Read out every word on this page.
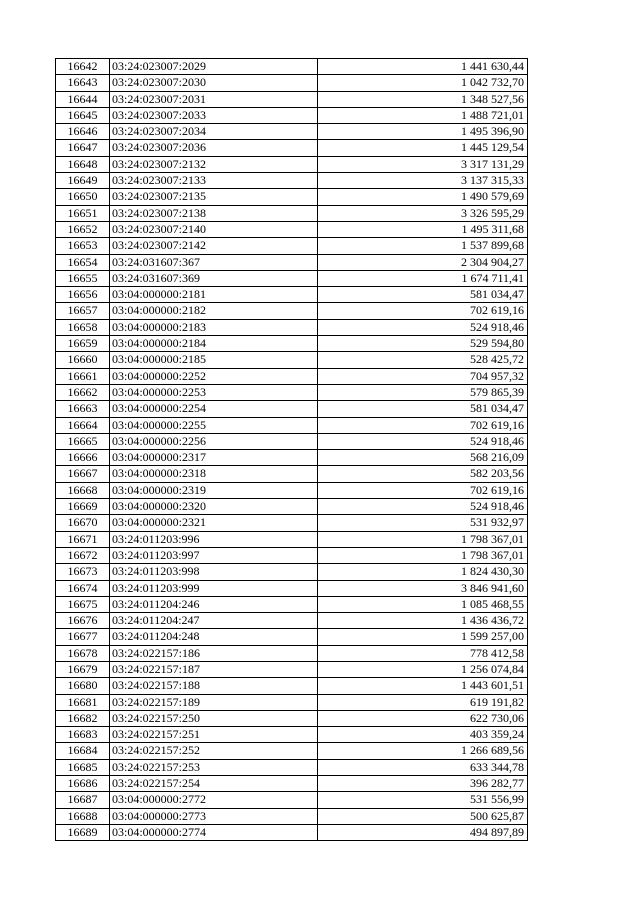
16642	03:24:023007:2029	1 441 630,44
16643	03:24:023007:2030	1 042 732,70
16644	03:24:023007:2031	1 348 527,56
16645	03:24:023007:2033	1 488 721,01
16646	03:24:023007:2034	1 495 396,90
16647	03:24:023007:2036	1 445 129,54
16648	03:24:023007:2132	3 317 131,29
16649	03:24:023007:2133	3 137 315,33
16650	03:24:023007:2135	1 490 579,69
16651	03:24:023007:2138	3 326 595,29
16652	03:24:023007:2140	1 495 311,68
16653	03:24:023007:2142	1 537 899,68
16654	03:24:031607:367	2 304 904,27
16655	03:24:031607:369	1 674 711,41
16656	03:04:000000:2181	581 034,47
16657	03:04:000000:2182	702 619,16
16658	03:04:000000:2183	524 918,46
16659	03:04:000000:2184	529 594,80
16660	03:04:000000:2185	528 425,72
16661	03:04:000000:2252	704 957,32
16662	03:04:000000:2253	579 865,39
16663	03:04:000000:2254	581 034,47
16664	03:04:000000:2255	702 619,16
16665	03:04:000000:2256	524 918,46
16666	03:04:000000:2317	568 216,09
16667	03:04:000000:2318	582 203,56
16668	03:04:000000:2319	702 619,16
16669	03:04:000000:2320	524 918,46
16670	03:04:000000:2321	531 932,97
16671	03:24:011203:996	1 798 367,01
16672	03:24:011203:997	1 798 367,01
16673	03:24:011203:998	1 824 430,30
16674	03:24:011203:999	3 846 941,60
16675	03:24:011204:246	1 085 468,55
16676	03:24:011204:247	1 436 436,72
16677	03:24:011204:248	1 599 257,00
16678	03:24:022157:186	778 412,58
16679	03:24:022157:187	1 256 074,84
16680	03:24:022157:188	1 443 601,51
16681	03:24:022157:189	619 191,82
16682	03:24:022157:250	622 730,06
16683	03:24:022157:251	403 359,24
16684	03:24:022157:252	1 266 689,56
16685	03:24:022157:253	633 344,78
16686	03:24:022157:254	396 282,77
16687	03:04:000000:2772	531 556,99
16688	03:04:000000:2773	500 625,87
16689	03:04:000000:2774	494 897,89
